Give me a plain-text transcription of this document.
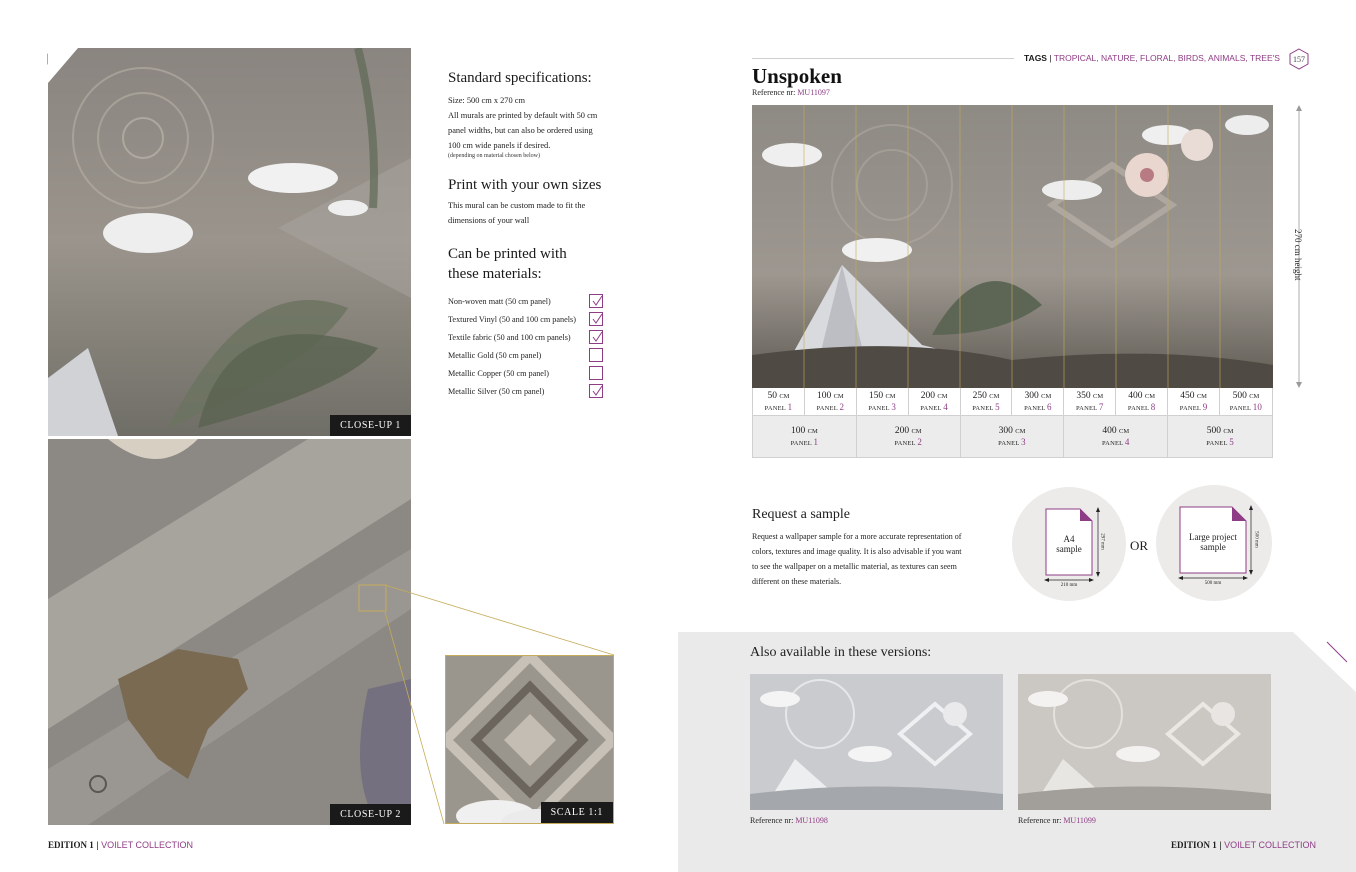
CLOSE-UP 1
CLOSE-UP 2	SCALE 1:1
Standard specifications:
Size: 500 cm x 270 cm
All murals are printed by default with 50 cm
panel widths, but can also be ordered using
100 cm wide panels if desired.
(depending on material chosen below)
Print with your own sizes
This mural can be custom made to fit the
dimensions of your wall
Can be printed with
these materials:
Non-woven matt (50 cm panel)
Textured Vinyl (50 and 100 cm panels)
Textile fabric (50 and 100 cm panels)
Metallic Gold (50 cm panel)
Metallic Copper (50 cm panel)
Metallic Silver (50 cm panel)
EDITION 1 | VOILET COLLECTION
TAGS | TROPICAL, NATURE, FLORAL, BIRDS, ANIMALS, TREE'S 157
Unspoken
Reference nr: MU11097
270 cm height
50 CM
PANEL 1
100 CM
PANEL 2
150 CM
PANEL 3
200 CM
PANEL 4
250 CM
PANEL 5
300 CM
PANEL 6
350 CM
PANEL 7
400 CM
PANEL 8
450 CM
PANEL 9
500 CM
PANEL 10
100 CM
PANEL 1
200 CM
PANEL 2
300 CM
PANEL 3
400 CM
PANEL 4
500 CM
PANEL 5
Request a sample
Request a wallpaper sample for a more accurate representation of
colors, textures and image quality. It is also advisable if you want
to see the wallpaper on a metallic material, as textures can seem
different on these materials.
A4
sample
210 mm
297 mm OR
Large project
sample
500 mm
500 mm
Also available in these versions:
Reference nr: MU11098	Reference nr: MU11099
EDITION 1 | VOILET COLLECTION
